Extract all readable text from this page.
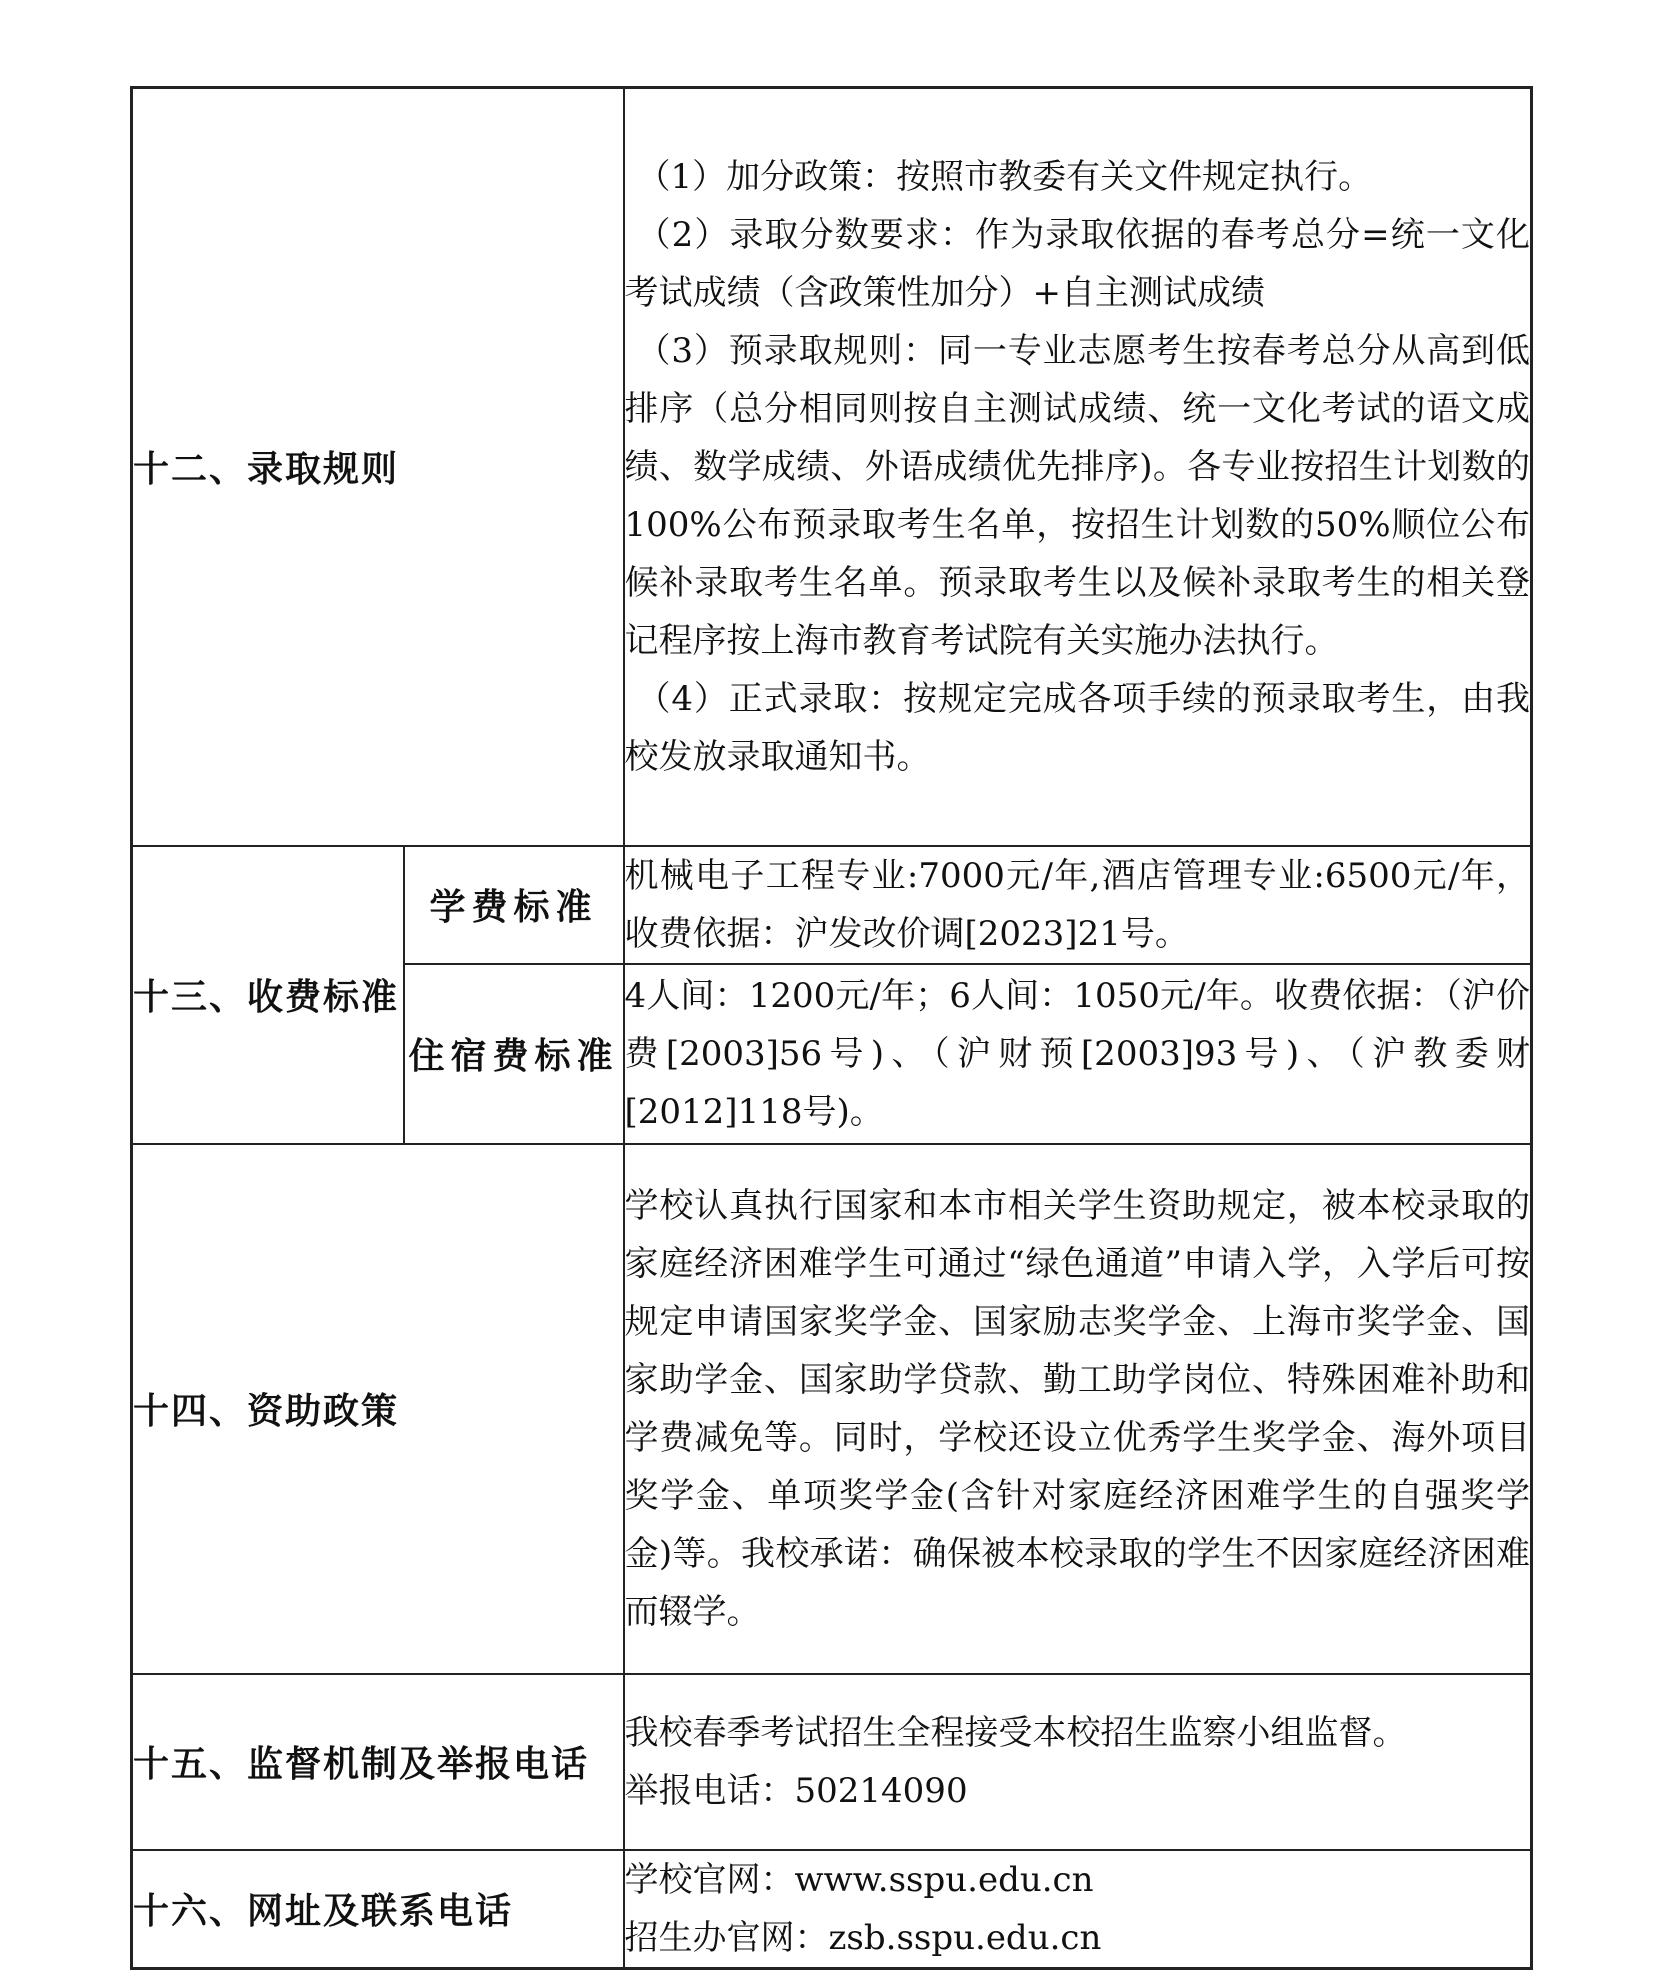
十二、录取规则		（1）加分政策：按照市教委有关文件规定执行。

（2）录取分数要求：作为录取依据的春考总分=统一文化考试成绩（含政策性加分）+自主测试成绩

（3）预录取规则：同一专业志愿考生按春考总分从高到低排序（总分相同则按自主测试成绩、统一文化考试的语文成绩、数学成绩、外语成绩优先排序)。各专业按招生计划数的100%公布预录取考生名单，按招生计划数的50%顺位公布候补录取考生名单。预录取考生以及候补录取考生的相关登记程序按上海市教育考试院有关实施办法执行。

（4）正式录取：按规定完成各项手续的预录取考生，由我校发放录取通知书。

十三、收费标准	学费标准	机械电子工程专业:7000元/年,酒店管理专业:6500元/年，收费依据：沪发改价调[2023]21号。
	住宿费标准	4人间：1200元/年；6人间：1050元/年。收费依据：（沪价费[2003]56号)、（沪财预[2003]93号)、（沪教委财[2012]118号)。
十四、资助政策		学校认真执行国家和本市相关学生资助规定，被本校录取的家庭经济困难学生可通过“绿色通道”申请入学，入学后可按规定申请国家奖学金、国家励志奖学金、上海市奖学金、国家助学金、国家助学贷款、勤工助学岗位、特殊困难补助和学费减免等。同时，学校还设立优秀学生奖学金、海外项目奖学金、单项奖学金(含针对家庭经济困难学生的自强奖学金)等。我校承诺：确保被本校录取的学生不因家庭经济困难而辍学。
十五、监督机制及举报电话		我校春季考试招生全程接受本校招生监察小组监督。

举报电话：50214090

十六、网址及联系电话		学校官网：www.sspu.edu.cn

招生办官网：zsb.sspu.edu.cn
